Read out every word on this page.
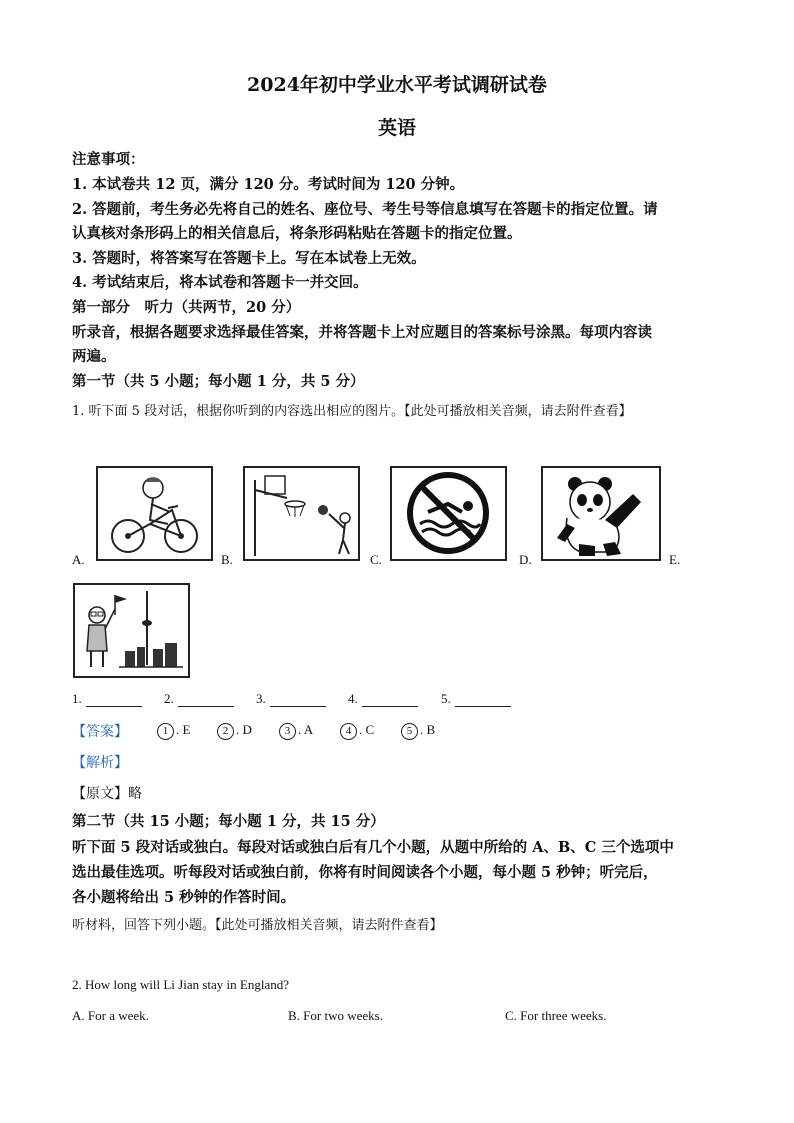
2024年初中学业水平考试调研试卷
英语
注意事项：
1. 本试卷共 12 页，满分 120 分。考试时间为 120 分钟。
2. 答题前，考生务必先将自己的姓名、座位号、考生号等信息填写在答题卡的指定位置。请
认真核对条形码上的相关信息后，将条形码粘贴在答题卡的指定位置。
3. 答题时，将答案写在答题卡上。写在本试卷上无效。
4. 考试结束后，将本试卷和答题卡一并交回。
第一部分　听力（共两节，20 分）
听录音，根据各题要求选择最佳答案，并将答题卡上对应题目的答案标号涂黑。每项内容读
两遍。
第一节（共 5 小题；每小题 1 分，共 5 分）
1. 听下面 5 段对话，根据你听到的内容选出相应的图片。【此处可播放相关音频，请去附件查看】
A.	B.	C.	D.	E.
1.	2.	3.	4.	5.
【答案】	1 . E	2 . D	3 . A	4 . C	5 . B
【解析】
【原文】略
第二节（共 15 小题；每小题 1 分，共 15 分）
听下面 5 段对话或独白。每段对话或独白后有几个小题，从题中所给的 A、B、C 三个选项中
选出最佳选项。听每段对话或独白前，你将有时间阅读各个小题，每小题 5 秒钟；听完后，
各小题将给出 5 秒钟的作答时间。
听材料，回答下列小题。【此处可播放相关音频，请去附件查看】
2. How long will Li Jian stay in England?
A. For a week.	B. For two weeks.	C. For three weeks.
